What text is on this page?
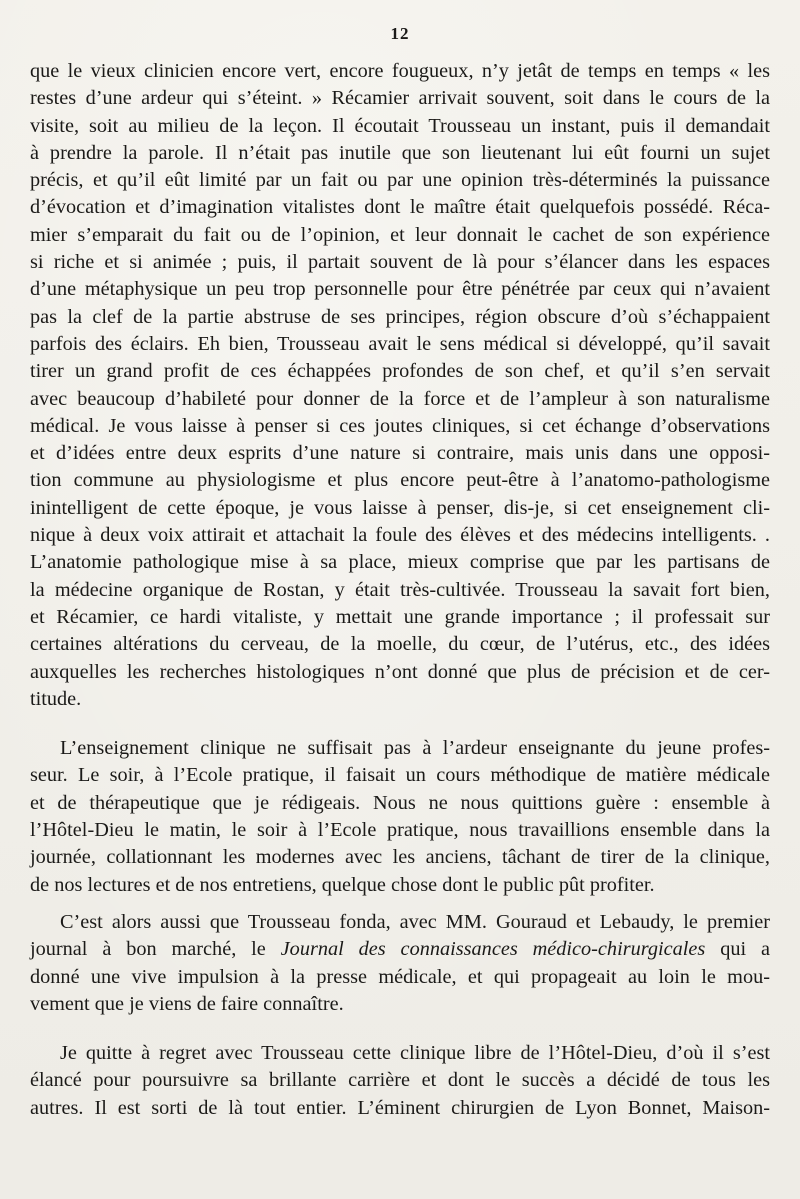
12
que le vieux clinicien encore vert, encore fougueux, n’y jetât de temps en temps « les
restes d’une ardeur qui s’éteint. » Récamier arrivait souvent, soit dans le cours de la
visite, soit au milieu de la leçon. Il écoutait Trousseau un instant, puis il demandait
à prendre la parole. Il n’était pas inutile que son lieutenant lui eût fourni un sujet
précis, et qu’il eût limité par un fait ou par une opinion très-déterminés la puissance
d’évocation et d’imagination vitalistes dont le maître était quelquefois possédé. Réca-
mier s’emparait du fait ou de l’opinion, et leur donnait le cachet de son expérience
si riche et si animée ; puis, il partait souvent de là pour s’élancer dans les espaces
d’une métaphysique un peu trop personnelle pour être pénétrée par ceux qui n’avaient
pas la clef de la partie abstruse de ses principes, région obscure d’où s’échappaient
parfois des éclairs. Eh bien, Trousseau avait le sens médical si développé, qu’il savait
tirer un grand profit de ces échappées profondes de son chef, et qu’il s’en servait
avec beaucoup d’habileté pour donner de la force et de l’ampleur à son naturalisme
médical. Je vous laisse à penser si ces joutes cliniques, si cet échange d’observations
et d’idées entre deux esprits d’une nature si contraire, mais unis dans une opposi-
tion commune au physiologisme et plus encore peut-être à l’anatomo-pathologisme
inintelligent de cette époque, je vous laisse à penser, dis-je, si cet enseignement cli-
nique à deux voix attirait et attachait la foule des élèves et des médecins intelligents. .
L’anatomie pathologique mise à sa place, mieux comprise que par les partisans de
la médecine organique de Rostan, y était très-cultivée. Trousseau la savait fort bien,
et Récamier, ce hardi vitaliste, y mettait une grande importance ; il professait sur
certaines altérations du cerveau, de la moelle, du cœur, de l’utérus, etc., des idées
auxquelles les recherches histologiques n’ont donné que plus de précision et de cer-
titude.
L’enseignement clinique ne suffisait pas à l’ardeur enseignante du jeune profes-
seur. Le soir, à l’Ecole pratique, il faisait un cours méthodique de matière médicale
et de thérapeutique que je rédigeais. Nous ne nous quittions guère : ensemble à
l’Hôtel-Dieu le matin, le soir à l’Ecole pratique, nous travaillions ensemble dans la
journée, collationnant les modernes avec les anciens, tâchant de tirer de la clinique,
de nos lectures et de nos entretiens, quelque chose dont le public pût profiter.
C’est alors aussi que Trousseau fonda, avec MM. Gouraud et Lebaudy, le premier
journal à bon marché, le Journal des connaissances médico-chirurgicales qui a
donné une vive impulsion à la presse médicale, et qui propageait au loin le mou-
vement que je viens de faire connaître.
Je quitte à regret avec Trousseau cette clinique libre de l’Hôtel-Dieu, d’où il s’est
élancé pour poursuivre sa brillante carrière et dont le succès a décidé de tous les
autres. Il est sorti de là tout entier. L’éminent chirurgien de Lyon Bonnet, Maison-
